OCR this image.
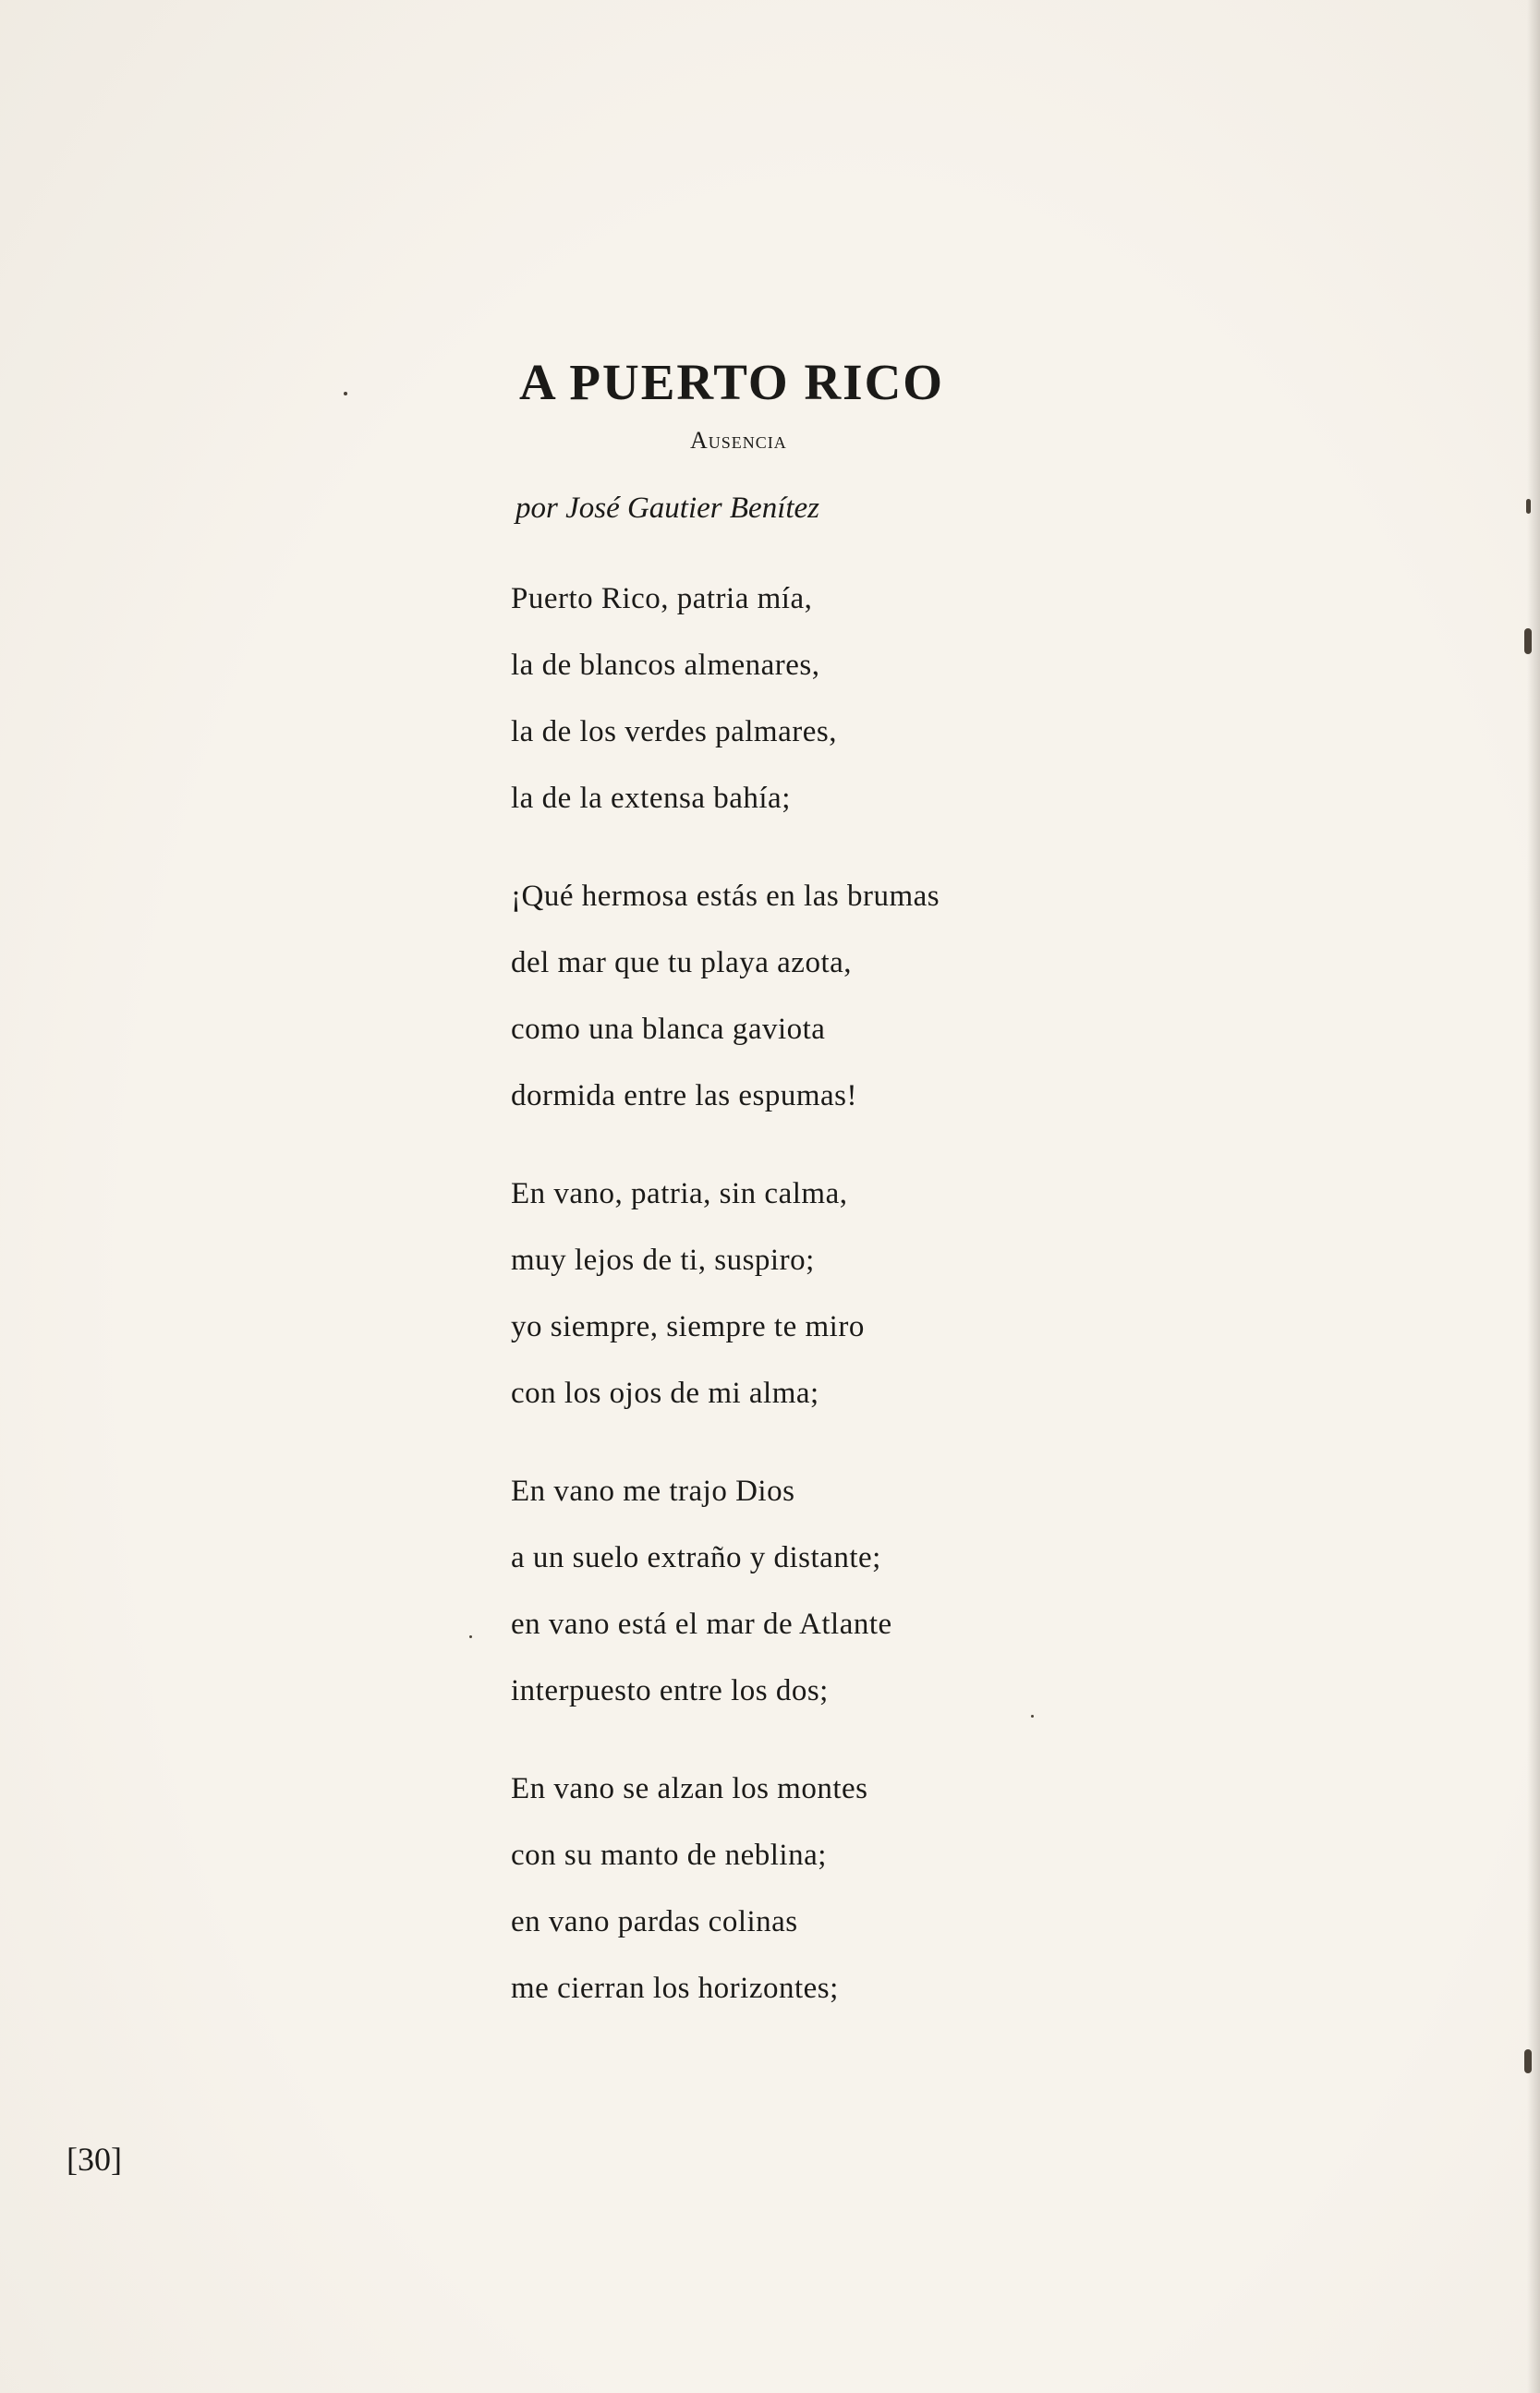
A PUERTO RICO

Ausencia

por José Gautier Benítez

Puerto Rico, patria mía,
la de blancos almenares,
la de los verdes palmares,
la de la extensa bahía;
¡Qué hermosa estás en las brumas
del mar que tu playa azota,
como una blanca gaviota
dormida entre las espumas!
En vano, patria, sin calma,
muy lejos de ti, suspiro;
yo siempre, siempre te miro
con los ojos de mi alma;
En vano me trajo Dios
a un suelo extraño y distante;
en vano está el mar de Atlante
interpuesto entre los dos;
En vano se alzan los montes
con su manto de neblina;
en vano pardas colinas
me cierran los horizontes;

[30]
